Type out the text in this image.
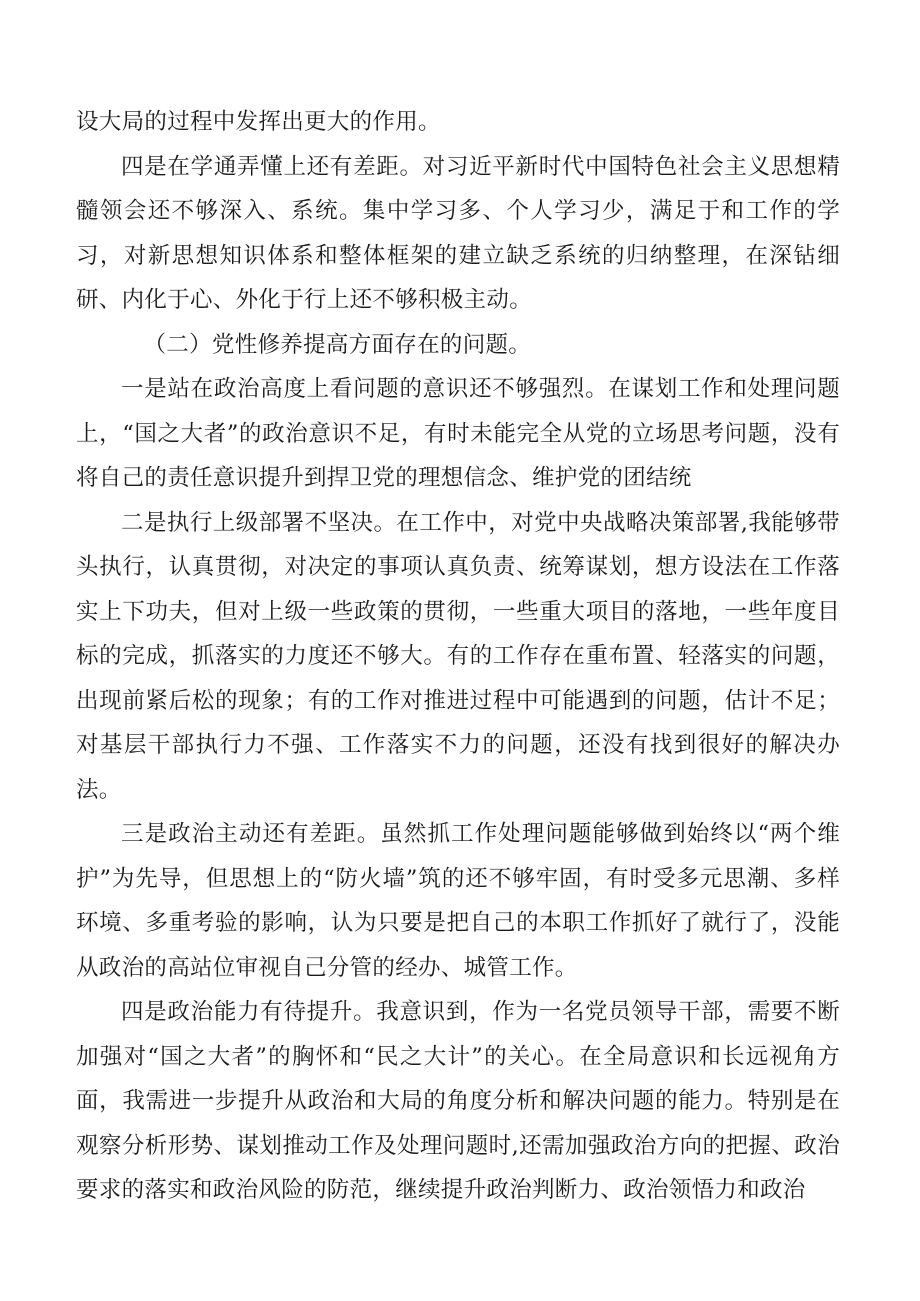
设大局的过程中发挥出更大的作用。

四是在学通弄懂上还有差距。对习近平新时代中国特色社会主义思想精髓领会还不够深入、系统。集中学习多、个人学习少，满足于和工作的学习，对新思想知识体系和整体框架的建立缺乏系统的归纳整理，在深钻细研、内化于心、外化于行上还不够积极主动。

（二）党性修养提高方面存在的问题。

一是站在政治高度上看问题的意识还不够强烈。在谋划工作和处理问题上，“国之大者”的政治意识不足，有时未能完全从党的立场思考问题，没有将自己的责任意识提升到捍卫党的理想信念、维护党的团结统

二是执行上级部署不坚决。在工作中，对党中央战略决策部署,我能够带头执行，认真贯彻，对决定的事项认真负责、统筹谋划，想方设法在工作落实上下功夫，但对上级一些政策的贯彻，一些重大项目的落地，一些年度目标的完成，抓落实的力度还不够大。有的工作存在重布置、轻落实的问题，出现前紧后松的现象；有的工作对推进过程中可能遇到的问题，估计不足；对基层干部执行力不强、工作落实不力的问题，还没有找到很好的解决办法。

三是政治主动还有差距。虽然抓工作处理问题能够做到始终以“两个维护”为先导，但思想上的“防火墙”筑的还不够牢固，有时受多元思潮、多样环境、多重考验的影响，认为只要是把自己的本职工作抓好了就行了，没能从政治的高站位审视自己分管的经办、城管工作。

四是政治能力有待提升。我意识到，作为一名党员领导干部，需要不断加强对“国之大者”的胸怀和“民之大计”的关心。在全局意识和长远视角方面，我需进一步提升从政治和大局的角度分析和解决问题的能力。特别是在观察分析形势、谋划推动工作及处理问题时,还需加强政治方向的把握、政治要求的落实和政治风险的防范，继续提升政治判断力、政治领悟力和政治
